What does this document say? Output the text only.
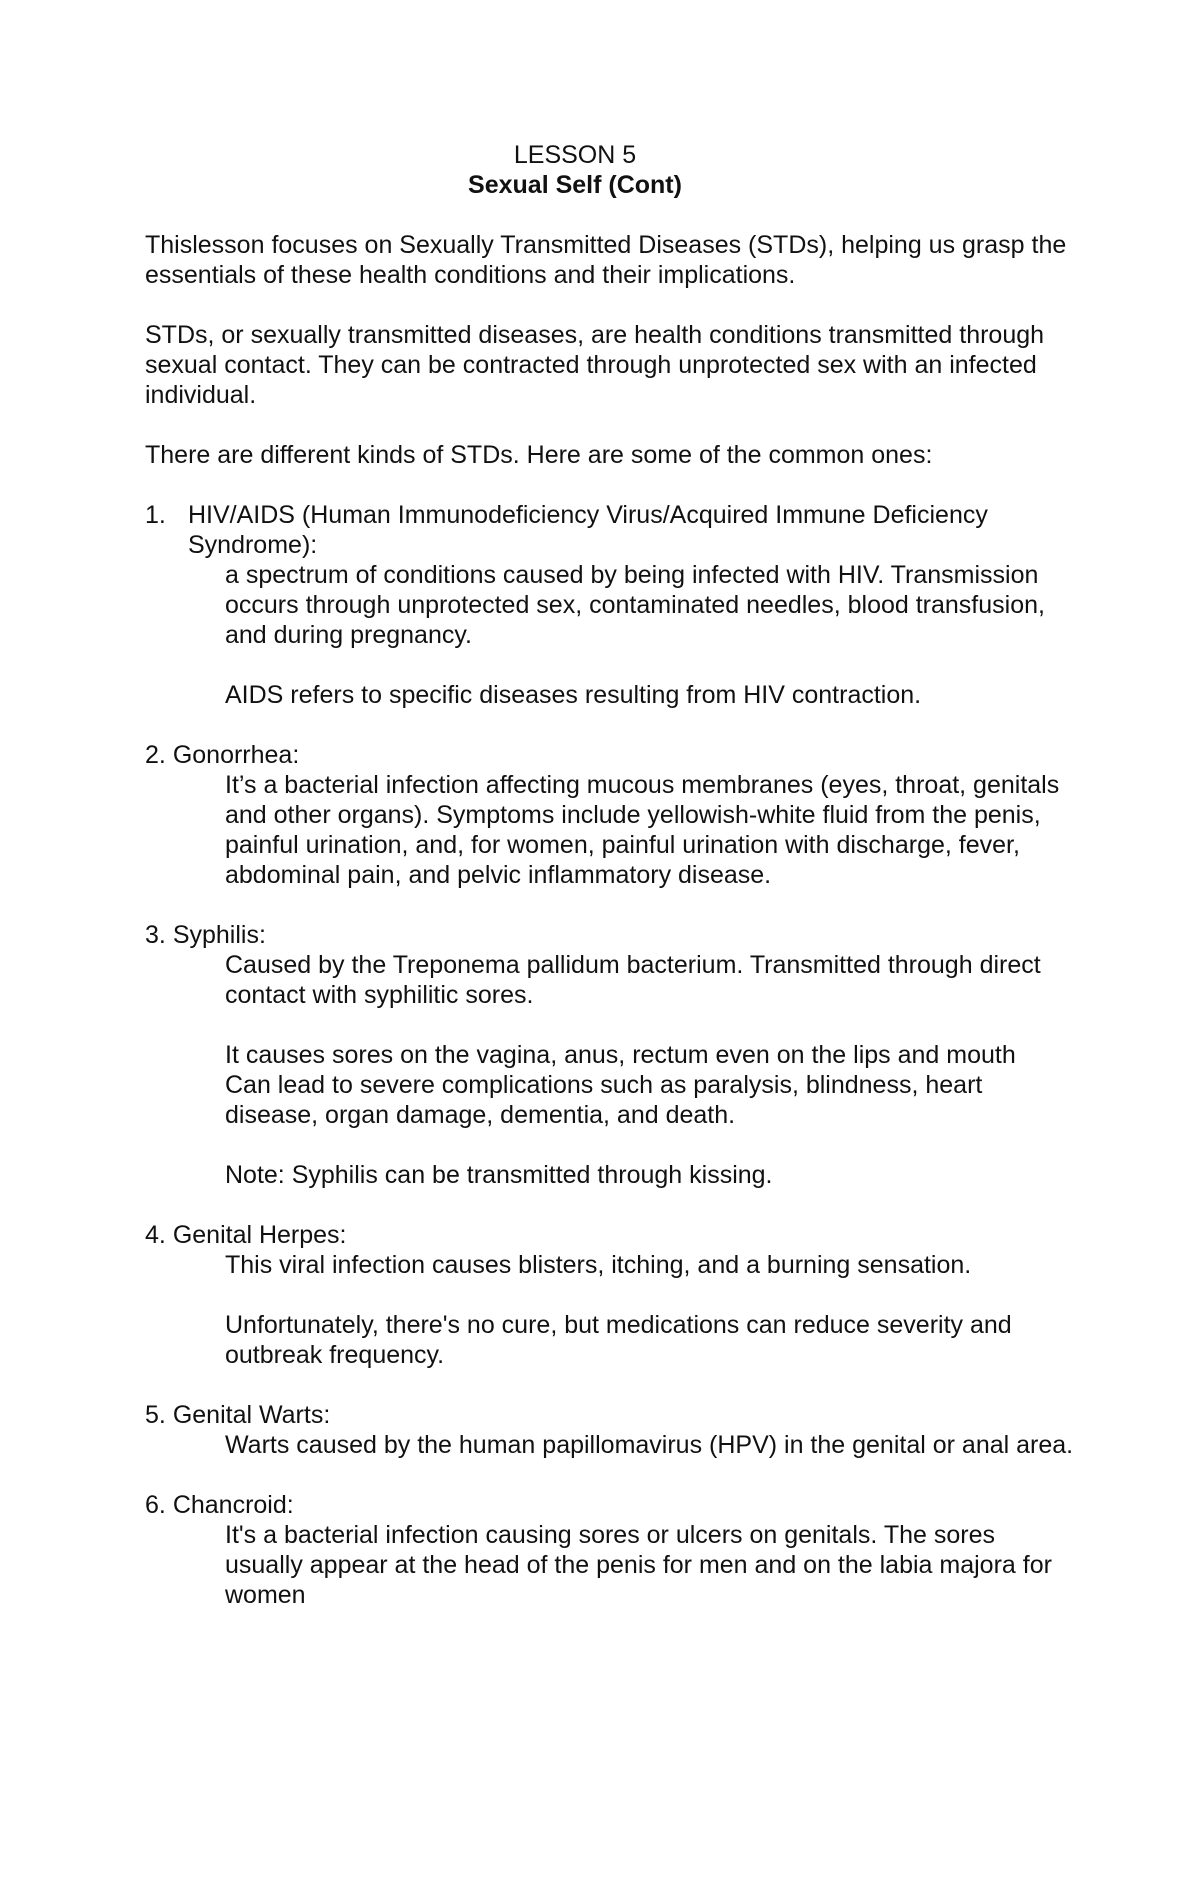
LESSON 5
Sexual Self (Cont)

Thislesson focuses on Sexually Transmitted Diseases (STDs), helping us grasp the essentials of these health conditions and their implications.

STDs, or sexually transmitted diseases, are health conditions transmitted through sexual contact. They can be contracted through unprotected sex with an infected individual.

There are different kinds of STDs. Here are some of the common ones:

1. HIV/AIDS (Human Immunodeficiency Virus/Acquired Immune Deficiency Syndrome):

a spectrum of conditions caused by being infected with HIV. Transmission occurs through unprotected sex, contaminated needles, blood transfusion, and during pregnancy.

AIDS refers to specific diseases resulting from HIV contraction.

2. Gonorrhea:

It’s a bacterial infection affecting mucous membranes (eyes, throat, genitals and other organs). Symptoms include yellowish-white fluid from the penis, painful urination, and, for women, painful urination with discharge, fever, abdominal pain, and pelvic inflammatory disease.

3. Syphilis:

Caused by the Treponema pallidum bacterium. Transmitted through direct contact with syphilitic sores.

It causes sores on the vagina, anus, rectum even on the lips and mouth

Can lead to severe complications such as paralysis, blindness, heart disease, organ damage, dementia, and death.

Note: Syphilis can be transmitted through kissing.

4. Genital Herpes:

This viral infection causes blisters, itching, and a burning sensation.

Unfortunately, there's no cure, but medications can reduce severity and outbreak frequency.

5. Genital Warts:

Warts caused by the human papillomavirus (HPV) in the genital or anal area.

6. Chancroid:

It's a bacterial infection causing sores or ulcers on genitals. The sores usually appear at the head of the penis for men and on the labia majora for women
